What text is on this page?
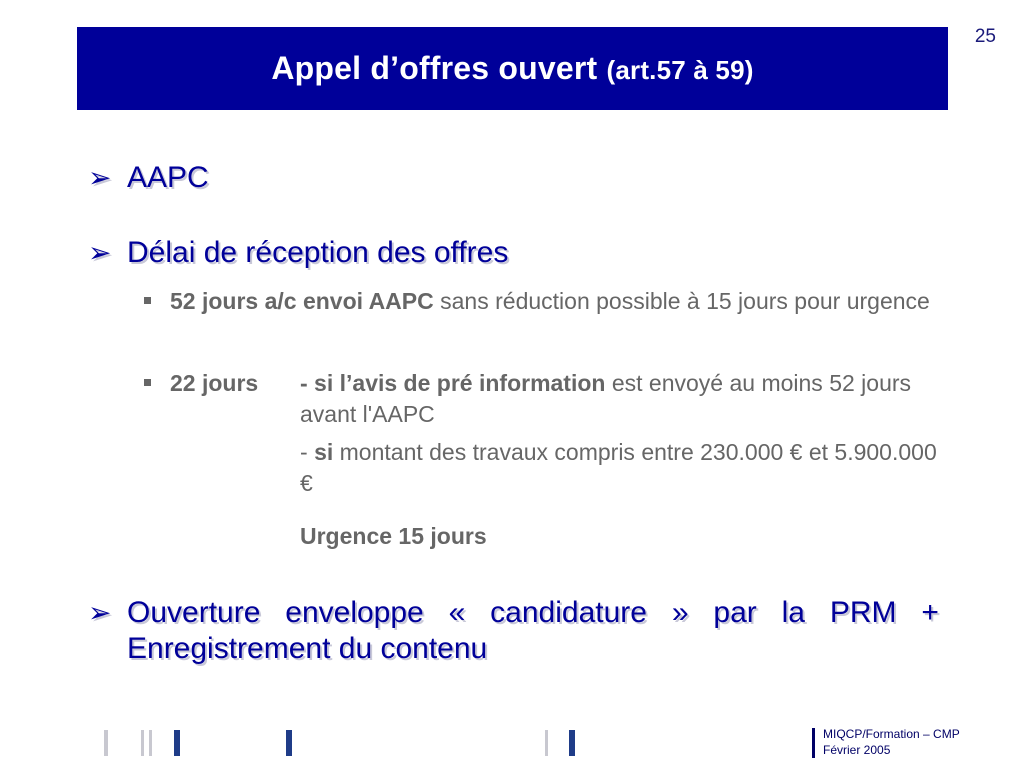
25
Appel d’offres ouvert (art.57 à 59)
➢ AAPC
➢ Délai de réception des offres
52 jours a/c envoi AAPC sans réduction possible à 15 jours pour urgence
22 jours - si l’avis de pré information est envoyé au moins 52 jours avant l'AAPC
- si montant des travaux compris entre 230.000 € et 5.900.000 €
Urgence 15 jours
➢ Ouverture enveloppe « candidature » par la PRM +
Enregistrement du contenu
MIQCP/Formation – CMP
Février 2005
